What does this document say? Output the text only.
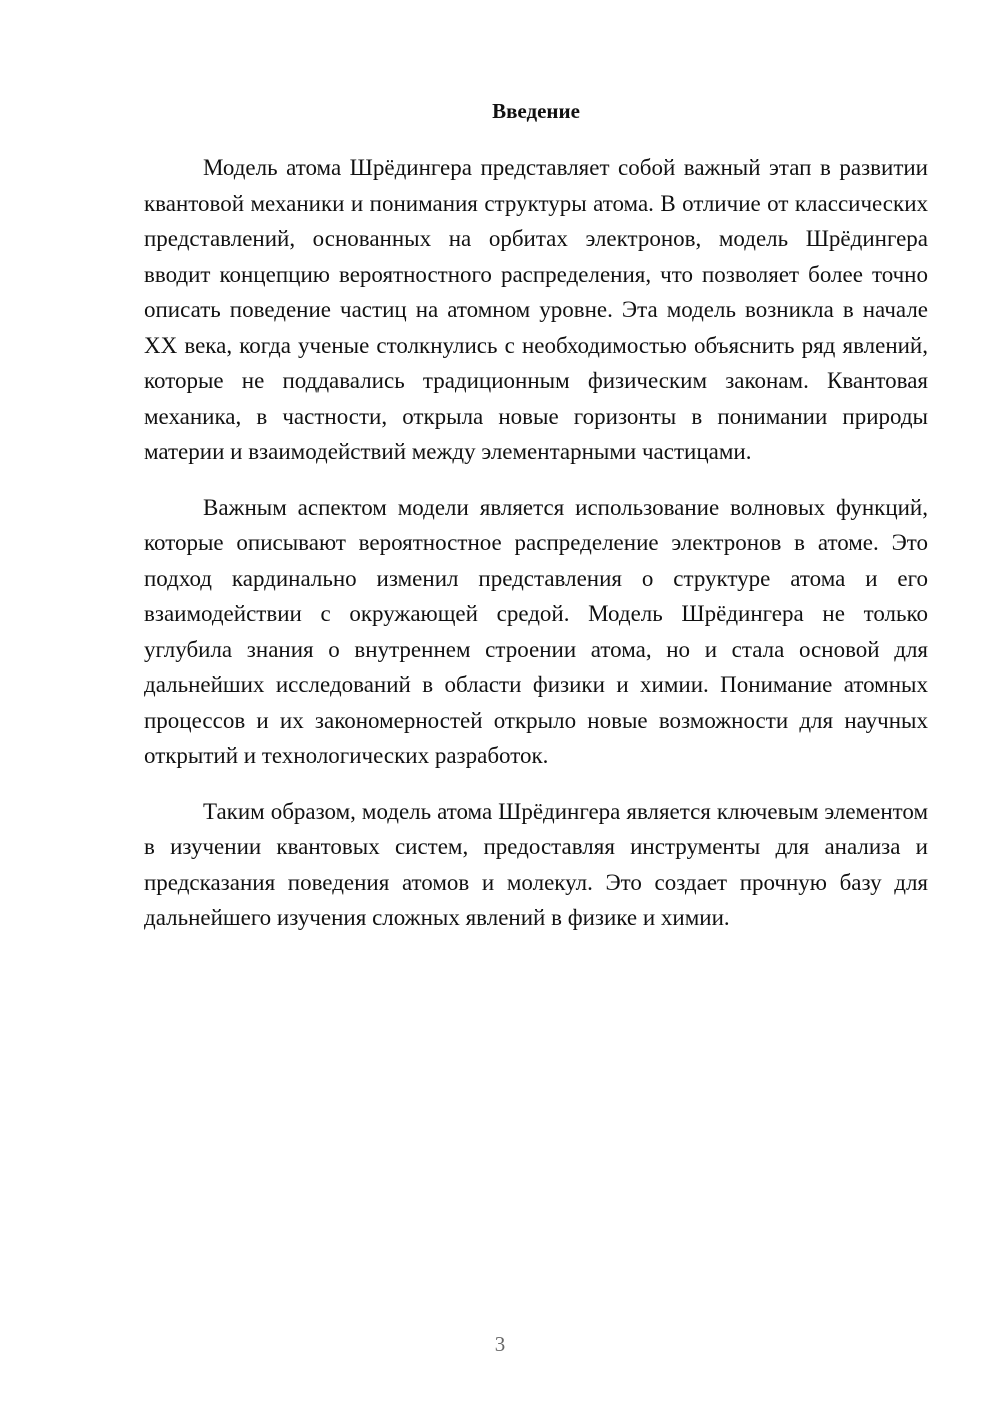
Введение

Модель атома Шрёдингера представляет собой важный этап в развитии квантовой механики и понимания структуры атома. В отличие от классических представлений, основанных на орбитах электронов, модель Шрёдингера вводит концепцию вероятностного распределения, что позволяет более точно описать поведение частиц на атомном уровне. Эта модель возникла в начале XX века, когда ученые столкнулись с необходимостью объяснить ряд явлений, которые не поддавались традиционным физическим законам. Квантовая механика, в частности, открыла новые горизонты в понимании природы материи и взаимодействий между элементарными частицами.

Важным аспектом модели является использование волновых функций, которые описывают вероятностное распределение электронов в атоме. Это подход кардинально изменил представления о структуре атома и его взаимодействии с окружающей средой. Модель Шрёдингера не только углубила знания о внутреннем строении атома, но и стала основой для дальнейших исследований в области физики и химии. Понимание атомных процессов и их закономерностей открыло новые возможности для научных открытий и технологических разработок.

Таким образом, модель атома Шрёдингера является ключевым элементом в изучении квантовых систем, предоставляя инструменты для анализа и предсказания поведения атомов и молекул. Это создает прочную базу для дальнейшего изучения сложных явлений в физике и химии.

3
